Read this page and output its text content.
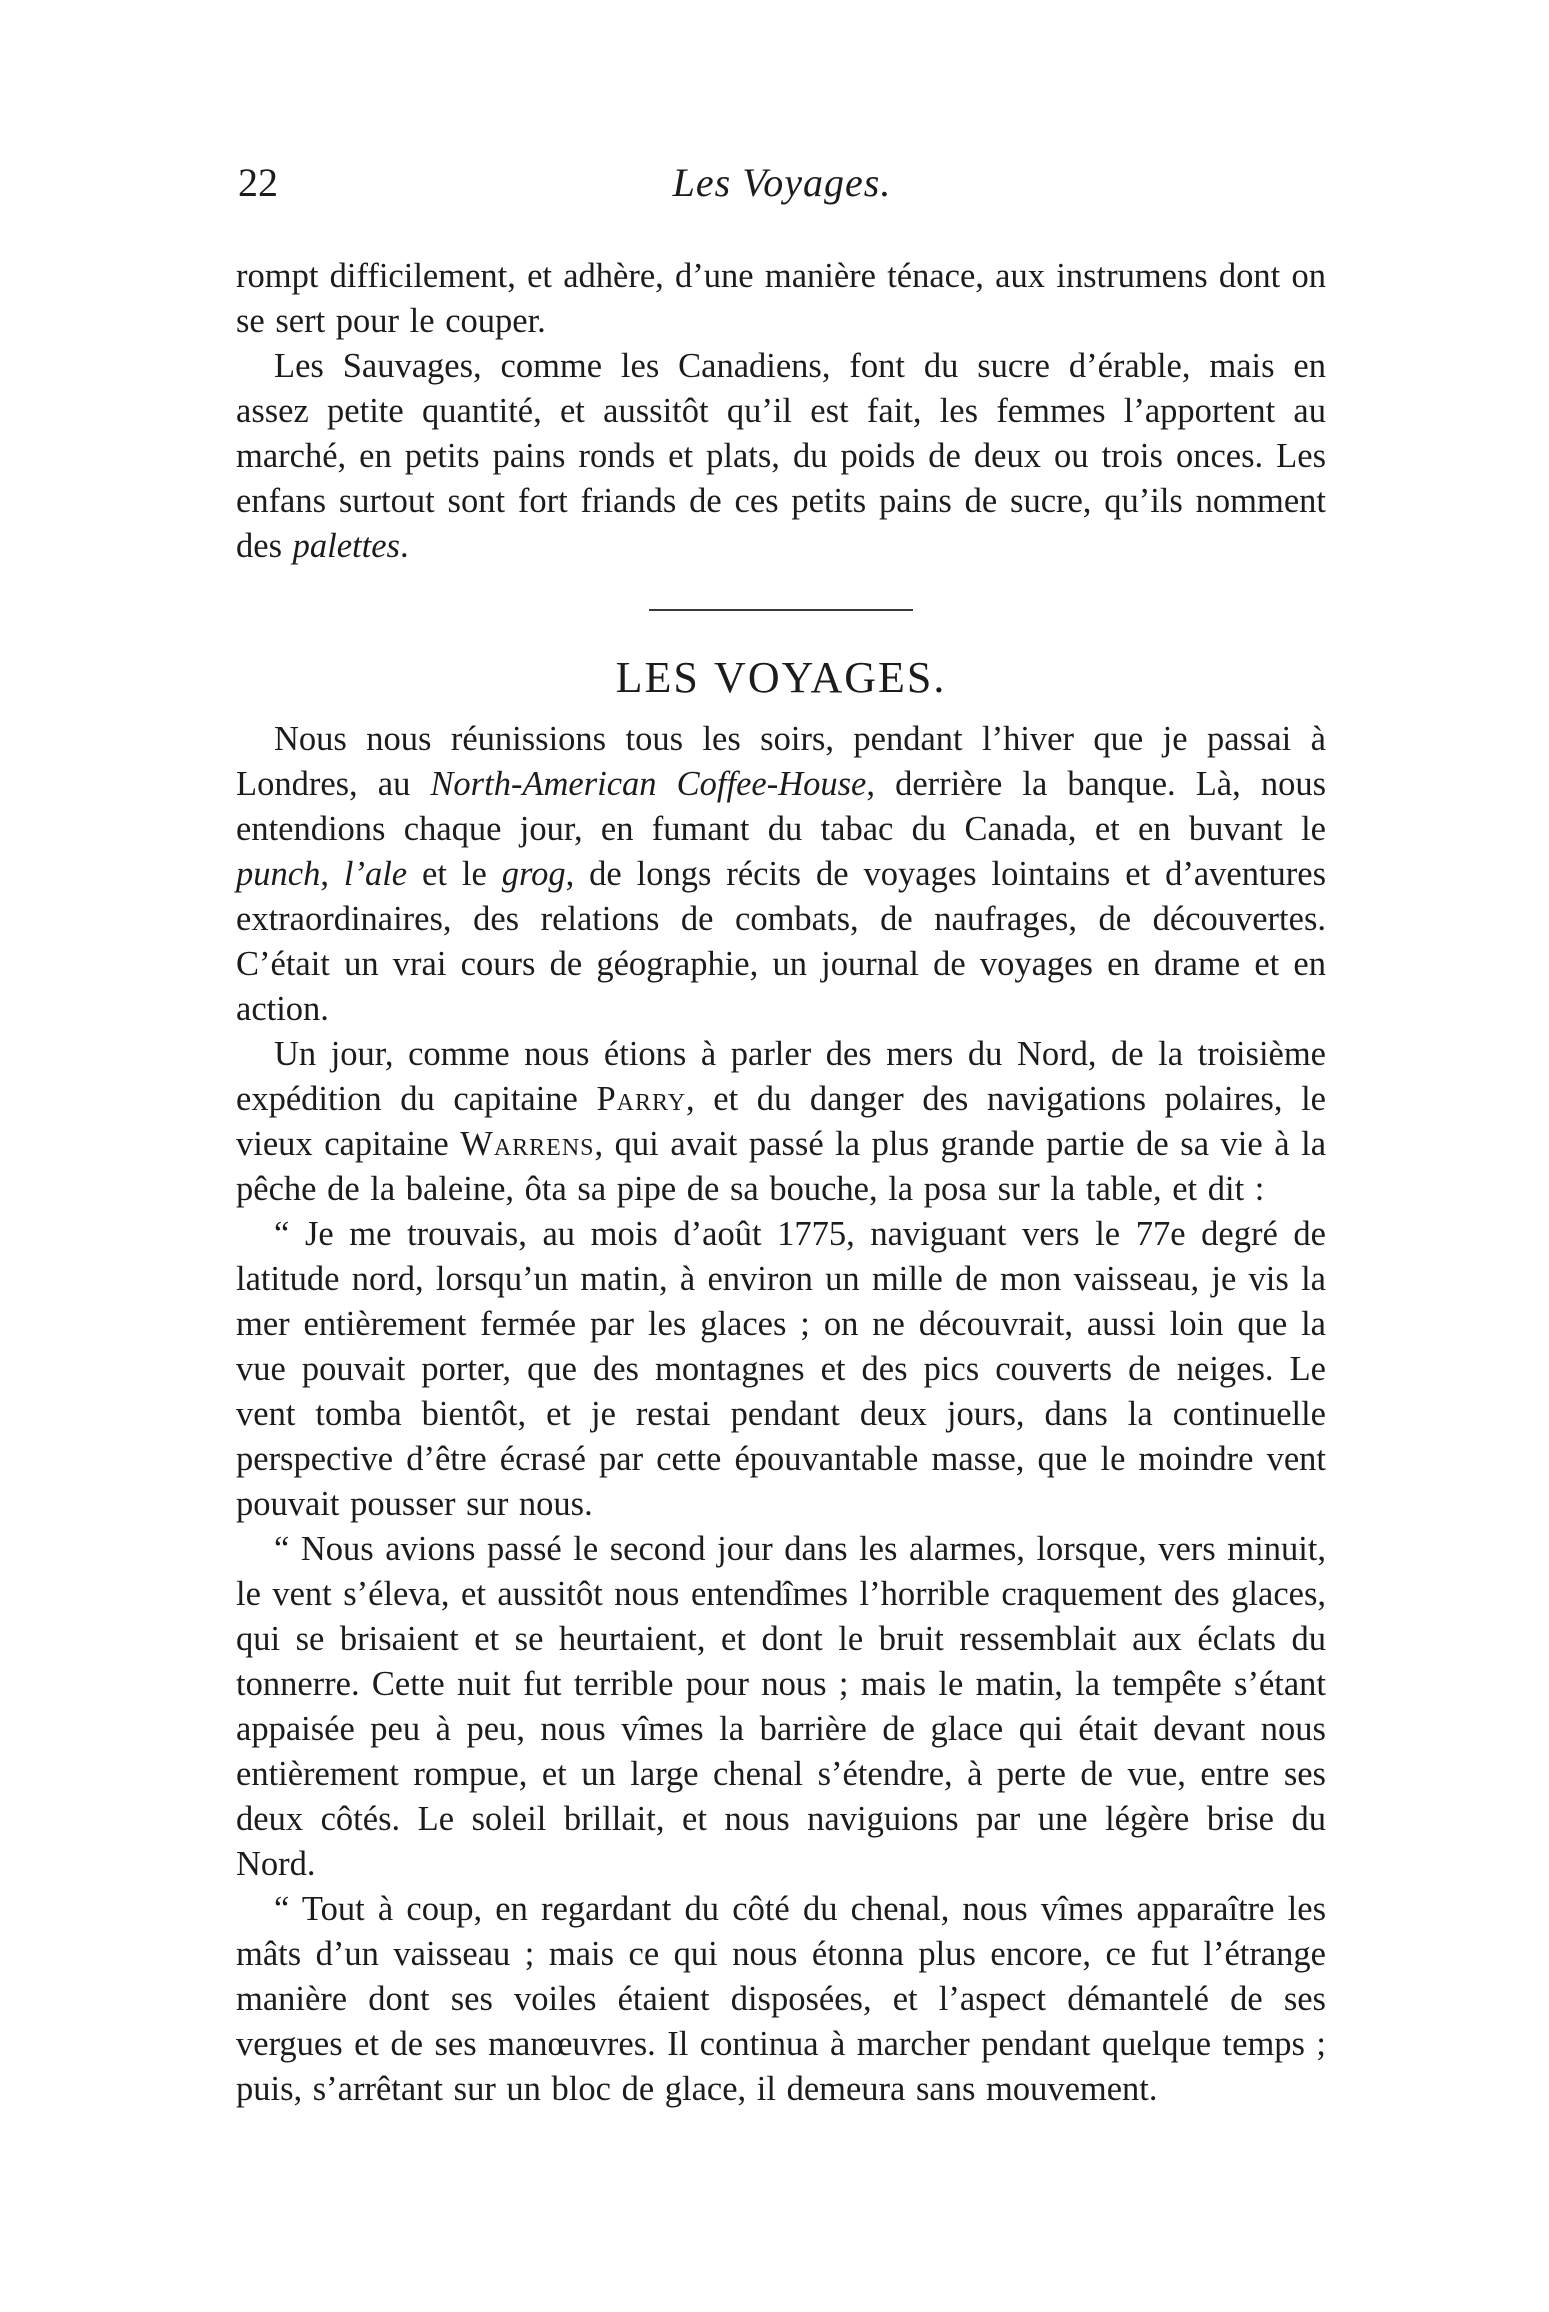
22	Les Voyages.

rompt difficilement, et adhère, d’une manière ténace, aux instrumens dont on se sert pour le couper.

Les Sauvages, comme les Canadiens, font du sucre d’érable, mais en assez petite quantité, et aussitôt qu’il est fait, les femmes l’apportent au marché, en petits pains ronds et plats, du poids de deux ou trois onces. Les enfans surtout sont fort friands de ces petits pains de sucre, qu’ils nomment des palettes.

LES VOYAGES.

Nous nous réunissions tous les soirs, pendant l’hiver que je passai à Londres, au North-American Coffee-House, derrière la banque. Là, nous entendions chaque jour, en fumant du tabac du Canada, et en buvant le punch, l’ale et le grog, de longs récits de voyages lointains et d’aventures extraordinaires, des relations de combats, de naufrages, de découvertes. C’était un vrai cours de géographie, un journal de voyages en drame et en action.

Un jour, comme nous étions à parler des mers du Nord, de la troisième expédition du capitaine Parry, et du danger des navigations polaires, le vieux capitaine Warrens, qui avait passé la plus grande partie de sa vie à la pêche de la baleine, ôta sa pipe de sa bouche, la posa sur la table, et dit :

“ Je me trouvais, au mois d’août 1775, naviguant vers le 77e degré de latitude nord, lorsqu’un matin, à environ un mille de mon vaisseau, je vis la mer entièrement fermée par les glaces ; on ne découvrait, aussi loin que la vue pouvait porter, que des montagnes et des pics couverts de neiges. Le vent tomba bientôt, et je restai pendant deux jours, dans la continuelle perspective d’être écrasé par cette épouvantable masse, que le moindre vent pouvait pousser sur nous.

“ Nous avions passé le second jour dans les alarmes, lorsque, vers minuit, le vent s’éleva, et aussitôt nous entendîmes l’horrible craquement des glaces, qui se brisaient et se heurtaient, et dont le bruit ressemblait aux éclats du tonnerre. Cette nuit fut terrible pour nous ; mais le matin, la tempête s’étant appaisée peu à peu, nous vîmes la barrière de glace qui était devant nous entièrement rompue, et un large chenal s’étendre, à perte de vue, entre ses deux côtés. Le soleil brillait, et nous naviguions par une légère brise du Nord.

“ Tout à coup, en regardant du côté du chenal, nous vîmes apparaître les mâts d’un vaisseau ; mais ce qui nous étonna plus encore, ce fut l’étrange manière dont ses voiles étaient disposées, et l’aspect démantelé de ses vergues et de ses manœuvres. Il continua à marcher pendant quelque temps ; puis, s’arrêtant sur un bloc de glace, il demeura sans mouvement.
